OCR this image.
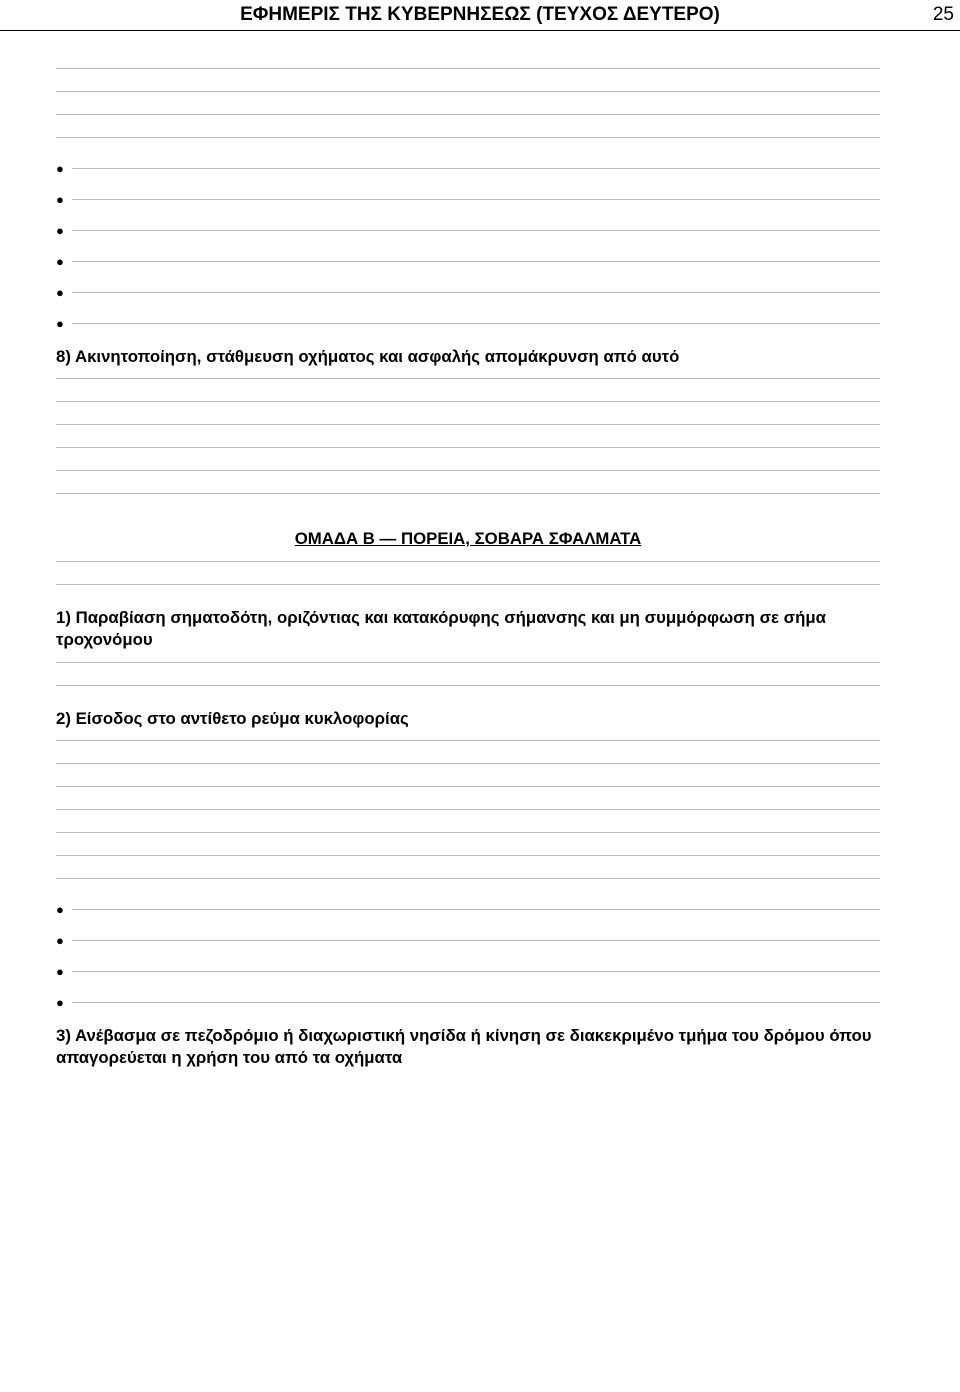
ΕΦΗΜΕΡΙΣ ΤΗΣ ΚΥΒΕΡΝΗΣΕΩΣ (ΤΕΥΧΟΣ ΔΕΥΤΕΡΟ)	25
●
●
●
●
●
●

8) Ακινητοποίηση, στάθμευση οχήματος και ασφαλής απομάκρυνση από αυτό

ΟΜΑΔΑ Β — ΠΟΡΕΙΑ, ΣΟΒΑΡΑ ΣΦΑΛΜΑΤΑ

1) Παραβίαση σηματοδότη, οριζόντιας και κατακόρυφης σήμανσης και μη συμμόρφωση σε σήμα τροχονόμου

2) Είσοδος στο αντίθετο ρεύμα κυκλοφορίας

●
●
●
●

3) Ανέβασμα σε πεζοδρόμιο ή διαχωριστική νησίδα ή κίνηση σε διακεκριμένο τμήμα του δρόμου όπου απαγορεύεται η χρήση του από τα οχήματα
